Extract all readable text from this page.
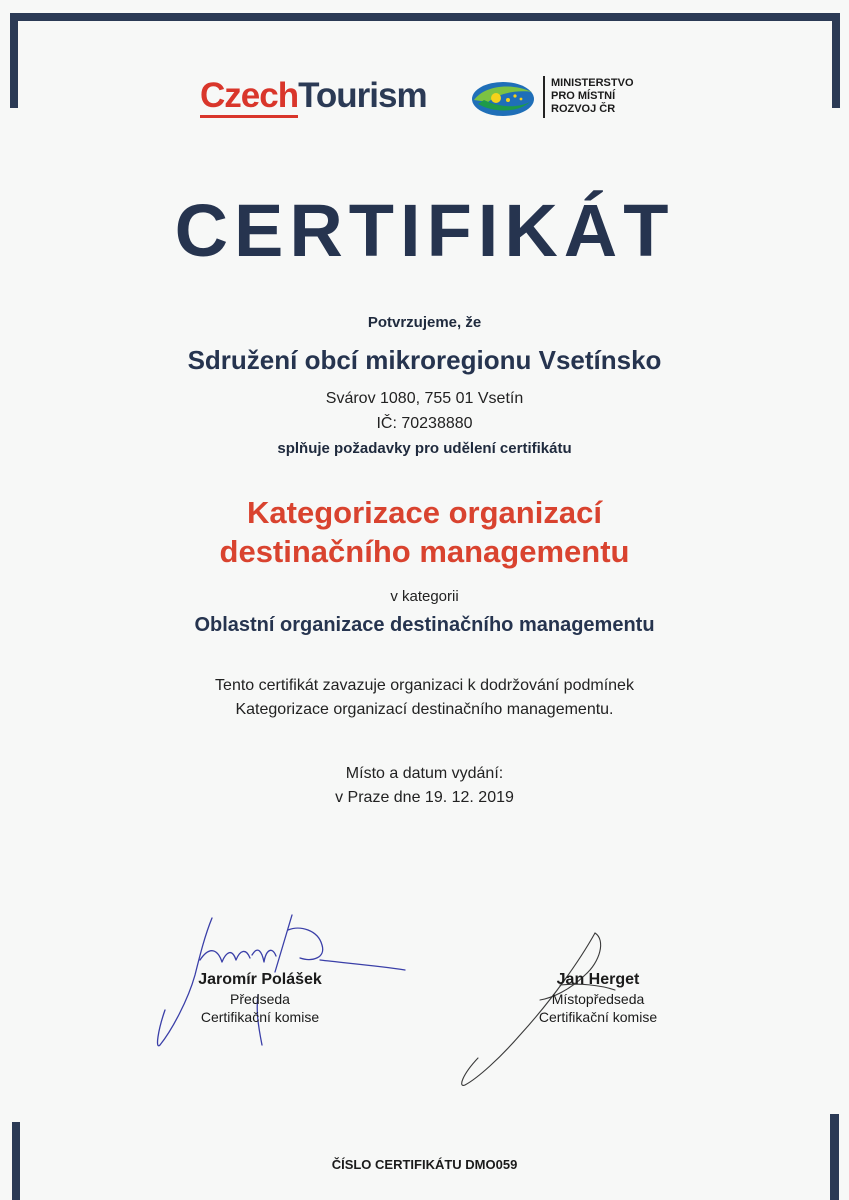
CzechTourism	MINISTERSTVO
PRO MÍSTNÍ
ROZVOJ ČR
CERTIFIKÁT
Potvrzujeme, že
Sdružení obcí mikroregionu Vsetínsko
Svárov 1080, 755 01 Vsetín
IČ: 70238880
splňuje požadavky pro udělení certifikátu
Kategorizace organizací
destinačního managementu
v kategorii
Oblastní organizace destinačního managementu
Tento certifikát zavazuje organizaci k dodržování podmínek
Kategorizace organizací destinačního managementu.
Místo a datum vydání:
v Praze dne 19. 12. 2019
Jaromír Polášek
Předseda
Certifikační komise
Jan Herget
Místopředseda
Certifikační komise
ČÍSLO CERTIFIKÁTU DMO059
